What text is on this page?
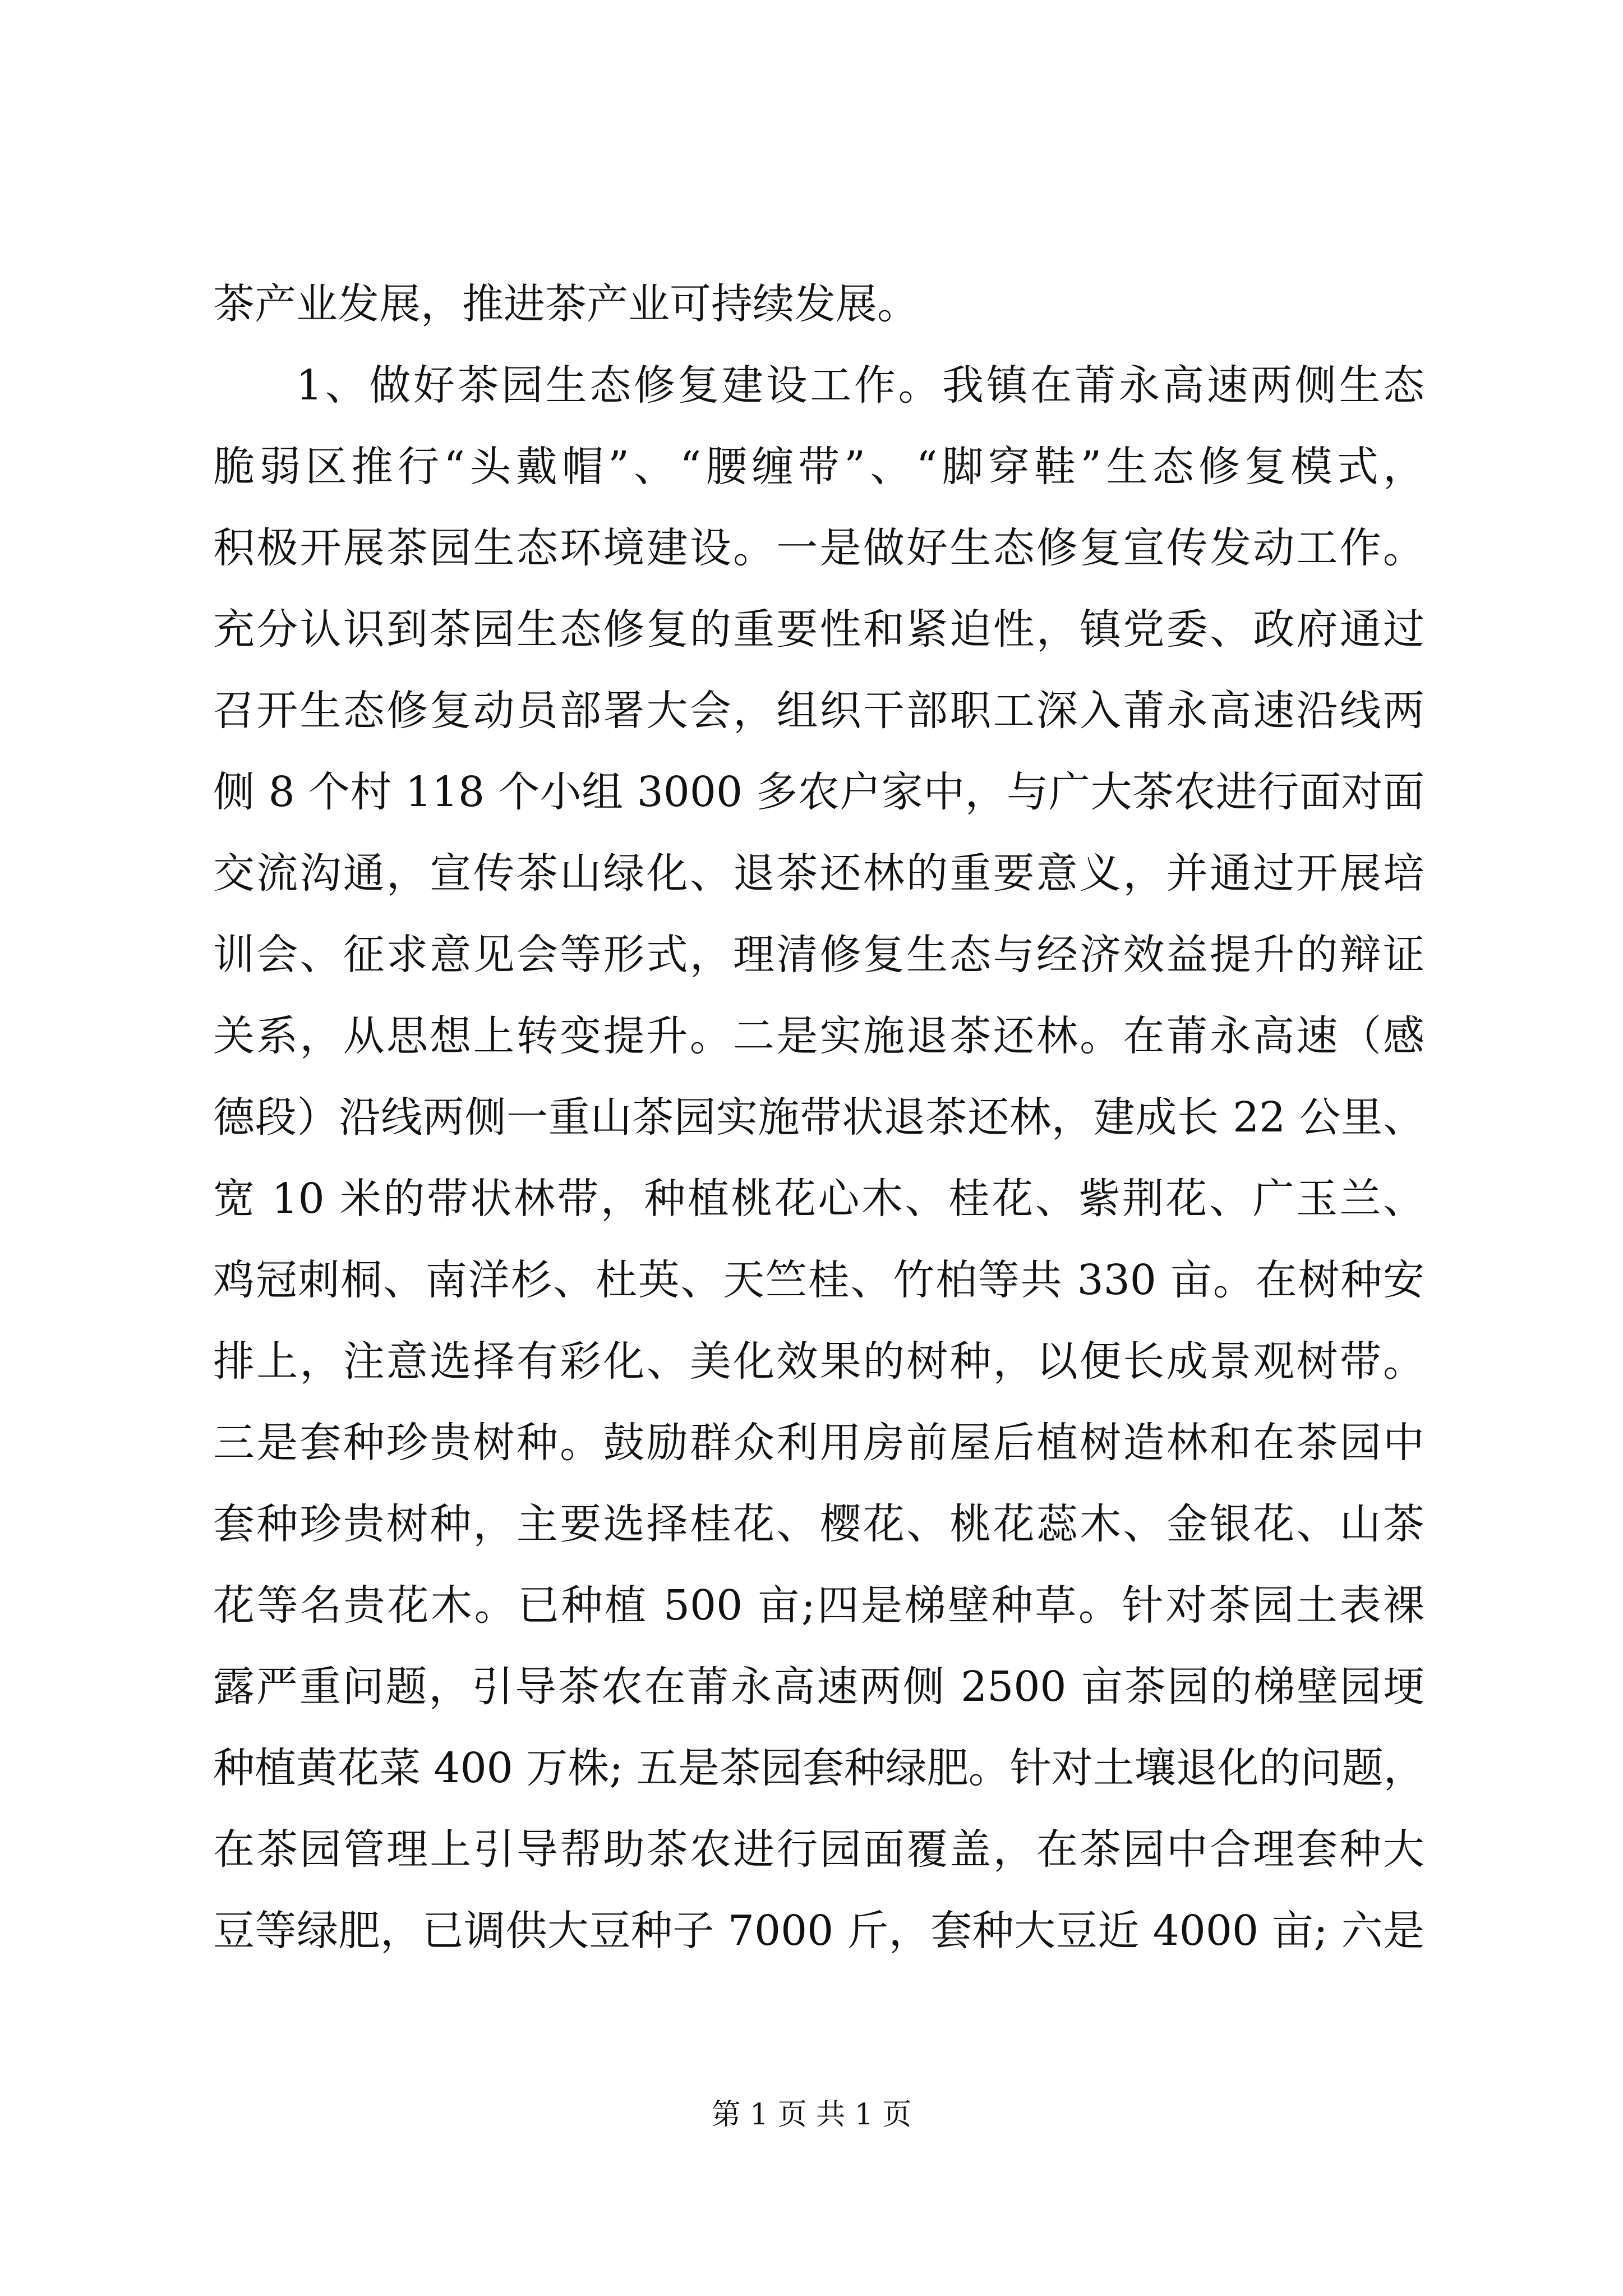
茶产业发展，推进茶产业可持续发展。
1、做好茶园生态修复建设工作。我镇在莆永高速两侧生态
脆弱区推行“头戴帽”、“腰缠带”、“脚穿鞋”生态修复模式，
积极开展茶园生态环境建设。一是做好生态修复宣传发动工作。
充分认识到茶园生态修复的重要性和紧迫性，镇党委、政府通过
召开生态修复动员部署大会，组织干部职工深入莆永高速沿线两
侧 8 个村 118 个小组 3000 多农户家中，与广大茶农进行面对面
交流沟通，宣传茶山绿化、退茶还林的重要意义，并通过开展培
训会、征求意见会等形式，理清修复生态与经济效益提升的辩证
关系，从思想上转变提升。二是实施退茶还林。在莆永高速（感
德段）沿线两侧一重山茶园实施带状退茶还林，建成长 22 公里、
宽 10 米的带状林带，种植桃花心木、桂花、紫荆花、广玉兰、
鸡冠刺桐、南洋杉、杜英、天竺桂、竹柏等共 330 亩。在树种安
排上，注意选择有彩化、美化效果的树种，以便长成景观树带。
三是套种珍贵树种。鼓励群众利用房前屋后植树造林和在茶园中
套种珍贵树种，主要选择桂花、樱花、桃花蕊木、金银花、山茶
花等名贵花木。已种植 500 亩;四是梯壁种草。针对茶园土表裸
露严重问题，引导茶农在莆永高速两侧 2500 亩茶园的梯壁园埂
种植黄花菜 400 万株; 五是茶园套种绿肥。针对土壤退化的问题，
在茶园管理上引导帮助茶农进行园面覆盖，在茶园中合理套种大
豆等绿肥，已调供大豆种子 7000 斤，套种大豆近 4000 亩; 六是
第 1 页 共 1 页
